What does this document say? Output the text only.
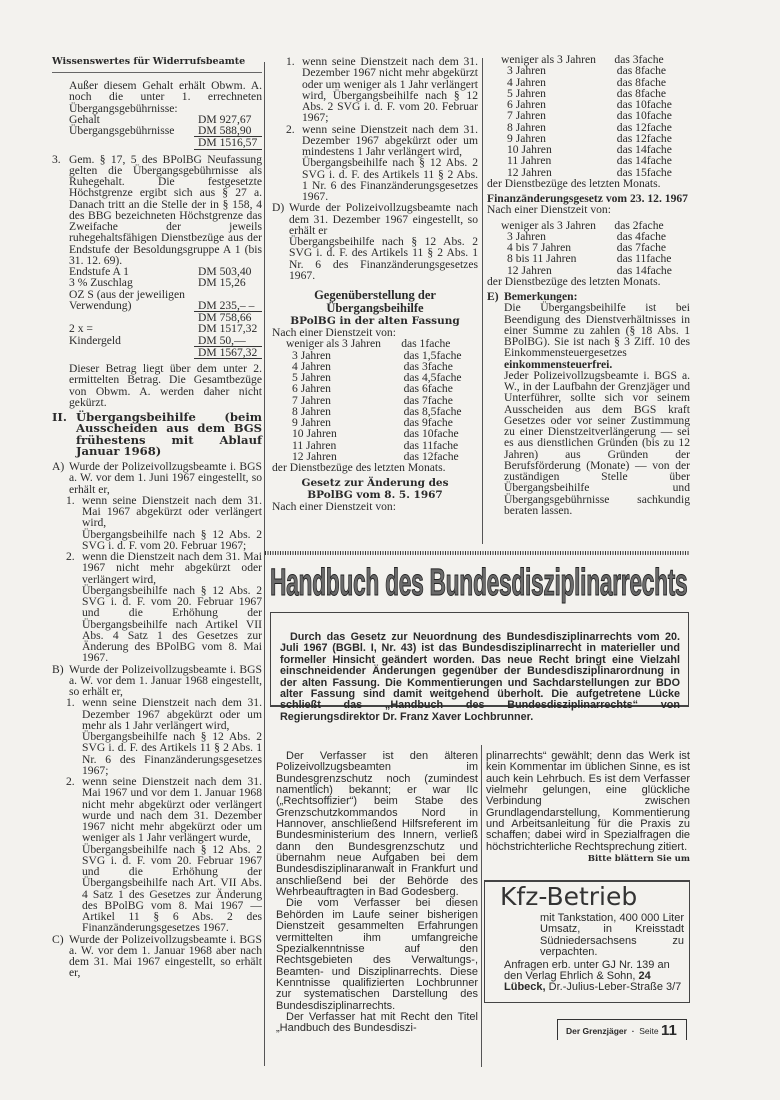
Wissenswertes für Widerrufsbeamte

Außer diesem Gehalt erhält Obwm. A. noch die unter 1. errechneten Übergangsgebührnisse:

Gehalt	DM 927,67
Übergangsgebührnisse	DM 588,90
DM 1516,57

3. Gem. § 17, 5 des BPolBG Neufassung gelten die Übergangsgebührnisse als Ruhegehalt. Die festgesetzte Höchstgrenze ergibt sich aus § 27 a. Danach tritt an die Stelle der in § 158, 4 des BBG bezeichneten Höchstgrenze das Zweifache der jeweils ruhegehaltsfähigen Dienstbezüge aus der Endstufe der Besoldungsgruppe A 1 (bis 31. 12. 69).

Endstufe A 1	DM 503,40
3 % Zuschlag	DM 15,26
OZ S (aus der jeweiligen
Verwendung)	DM 235,– –
DM 758,66
2 x =	DM 1517,32
Kindergeld	DM 50,—
DM 1567,32

Dieser Betrag liegt über dem unter 2. ermittelten Betrag. Die Gesamtbezüge von Obwm. A. werden daher nicht gekürzt.

II. Übergangsbeihilfe (beim Ausscheiden aus dem BGS frühestens mit Ablauf Januar 1968)

A) Wurde der Polizeivollzugsbeamte i. BGS a. W. vor dem 1. Juni 1967 eingestellt, so erhält er,

1. wenn seine Dienstzeit nach dem 31. Mai 1967 abgekürzt oder verlängert wird,

Übergangsbeihilfe nach § 12 Abs. 2 SVG i. d. F. vom 20. Februar 1967;

2. wenn die Dienstzeit nach dem 31. Mai 1967 nicht mehr abgekürzt oder verlängert wird,

Übergangsbeihilfe nach § 12 Abs. 2 SVG i. d. F. vom 20. Februar 1967 und die Erhöhung der Übergangsbeihilfe nach Artikel VII Abs. 4 Satz 1 des Gesetzes zur Änderung des BPolBG vom 8. Mai 1967.

B) Wurde der Polizeivollzugsbeamte i. BGS a. W. vor dem 1. Januar 1968 eingestellt, so erhält er,

1. wenn seine Dienstzeit nach dem 31. Dezember 1967 abgekürzt oder um mehr als 1 Jahr verlängert wird,

Übergangsbeihilfe nach § 12 Abs. 2 SVG i. d. F. des Artikels 11 § 2 Abs. 1 Nr. 6 des Finanzänderungsgesetzes 1967;

2. wenn seine Dienstzeit nach dem 31. Mai 1967 und vor dem 1. Januar 1968 nicht mehr abgekürzt oder verlängert wurde und nach dem 31. Dezember 1967 nicht mehr abgekürzt oder um weniger als 1 Jahr verlängert wurde,

Übergangsbeihilfe nach § 12 Abs. 2 SVG i. d. F. vom 20. Februar 1967 und die Erhöhung der Übergangsbeihilfe nach Art. VII Abs. 4 Satz 1 des Gesetzes zur Änderung des BPolBG vom 8. Mai 1967 — Artikel 11 § 6 Abs. 2 des Finanzänderungsgesetzes 1967.

C) Wurde der Polizeivollzugsbeamte i. BGS a. W. vor dem 1. Januar 1968 aber nach dem 31. Mai 1967 eingestellt, so erhält er,

1. wenn seine Dienstzeit nach dem 31. Dezember 1967 nicht mehr abgekürzt oder um weniger als 1 Jahr verlängert wird, Übergangsbeihilfe nach § 12 Abs. 2 SVG i. d. F. vom 20. Februar 1967;

2. wenn seine Dienstzeit nach dem 31. Dezember 1967 abgekürzt oder um mindestens 1 Jahr verlängert wird,

Übergangsbeihilfe nach § 12 Abs. 2 SVG i. d. F. des Artikels 11 § 2 Abs. 1 Nr. 6 des Finanzänderungsgesetzes 1967.

D) Wurde der Polizeivollzugsbeamte nach dem 31. Dezember 1967 eingestellt, so erhält er

Übergangsbeihilfe nach § 12 Abs. 2 SVG i. d. F. des Artikels 11 § 2 Abs. 1 Nr. 6 des Finanzänderungsgesetzes 1967.

Gegenüberstellung der Übergangsbeihilfe
BPolBG in der alten Fassung

Nach einer Dienstzeit von:

weniger als 3 Jahren	das 1fache
3 Jahren	das 1,5fache
4 Jahren	das 3fache
5 Jahren	das 4,5fache
6 Jahren	das 6fache
7 Jahren	das 7fache
8 Jahren	das 8,5fache
9 Jahren	das 9fache
10 Jahren	das 10fache
11 Jahren	das 11fache
12 Jahren	das 12fache

der Dienstbezüge des letzten Monats.

Gesetz zur Änderung des BPolBG vom 8. 5. 1967

Nach einer Dienstzeit von:

weniger als 3 Jahren	das 3fache
3 Jahren	das 8fache
4 Jahren	das 8fache
5 Jahren	das 8fache
6 Jahren	das 10fache
7 Jahren	das 10fache
8 Jahren	das 12fache
9 Jahren	das 12fache
10 Jahren	das 14fache
11 Jahren	das 14fache
12 Jahren	das 15fache

der Dienstbezüge des letzten Monats.

Finanzänderungsgesetz vom 23. 12. 1967

Nach einer Dienstzeit von:

weniger als 3 Jahren	das 2fache
3 Jahren	das 4fache
4 bis 7 Jahren	das 7fache
8 bis 11 Jahren	das 11fache
12 Jahren	das 14fache

der Dienstbezüge des letzten Monats.

E) Bemerkungen:

Die Übergangsbeihilfe ist bei Beendigung des Dienstverhältnisses in einer Summe zu zahlen (§ 18 Abs. 1 BPolBG). Sie ist nach § 3 Ziff. 10 des Einkommensteuergesetzes einkommensteuerfrei.

Jeder Polizeivollzugsbeamte i. BGS a. W., in der Laufbahn der Grenzjäger und Unterführer, sollte sich vor seinem Ausscheiden aus dem BGS kraft Gesetzes oder vor seiner Zustimmung zu einer Dienstzeitverlängerung — sei es aus dienstlichen Gründen (bis zu 12 Jahren) aus Gründen der Berufsförderung (Monate) — von der zuständigen Stelle über Übergangsbeihilfe und Übergangsgebührnisse sachkundig beraten lassen.

Handbuch des Bundesdisziplinarrechts
Durch das Gesetz zur Neuordnung des Bundesdisziplinarrechts vom 20. Juli 1967 (BGBl. I, Nr. 43) ist das Bundesdisziplinarrecht in materieller und formeller Hinsicht geändert worden. Das neue Recht bringt eine Vielzahl einschneidender Änderungen gegenüber der Bundesdisziplinarordnung in der alten Fassung. Die Kommentierungen und Sachdarstellungen zur BDO alter Fassung sind damit weitgehend überholt. Die aufgetretene Lücke schließt das „Handbuch des Bundesdisziplinarrechts“ von Regierungsdirektor Dr. Franz Xaver Lochbrunner.

Der Verfasser ist den älteren Polizeivollzugsbeamten im Bundesgrenzschutz noch (zumindest namentlich) bekannt; er war IIc („Rechtsoffizier“) beim Stabe des Grenzschutzkommandos Nord in Hannover, anschließend Hilfsreferent im Bundesministerium des Innern, verließ dann den Bundesgrenzschutz und übernahm neue Aufgaben bei dem Bundesdisziplinaranwalt in Frankfurt und anschließend bei der Behörde des Wehrbeauftragten in Bad Godesberg.

Die vom Verfasser bei diesen Behörden im Laufe seiner bisherigen Dienstzeit gesammelten Erfahrungen vermittelten ihm umfangreiche Spezialkenntnisse auf den Rechtsgebieten des Verwaltungs-, Beamten- und Disziplinarrechts. Diese Kenntnisse qualifizierten Lochbrunner zur systematischen Darstellung des Bundesdisziplinarrechts.

Der Verfasser hat mit Recht den Titel „Handbuch des Bundesdiszi-

plinarrechts“ gewählt; denn das Werk ist kein Kommentar im üblichen Sinne, es ist auch kein Lehrbuch. Es ist dem Verfasser vielmehr gelungen, eine glückliche Verbindung zwischen Grundlagendarstellung, Kommentierung und Arbeitsanleitung für die Praxis zu schaffen; dabei wird in Spezialfragen die höchstrichterliche Rechtsprechung zitiert.

Bitte blättern Sie um
Kfz-Betrieb
mit Tankstation, 400 000 Liter Umsatz, in Kreisstadt Südniedersachsens zu verpachten.
Anfragen erb. unter GJ Nr. 139 an den Verlag Ehrlich & Sohn, 24 Lübeck, Dr.-Julius-Leber-Straße 3/7
Der Grenzjäger · Seite 11
